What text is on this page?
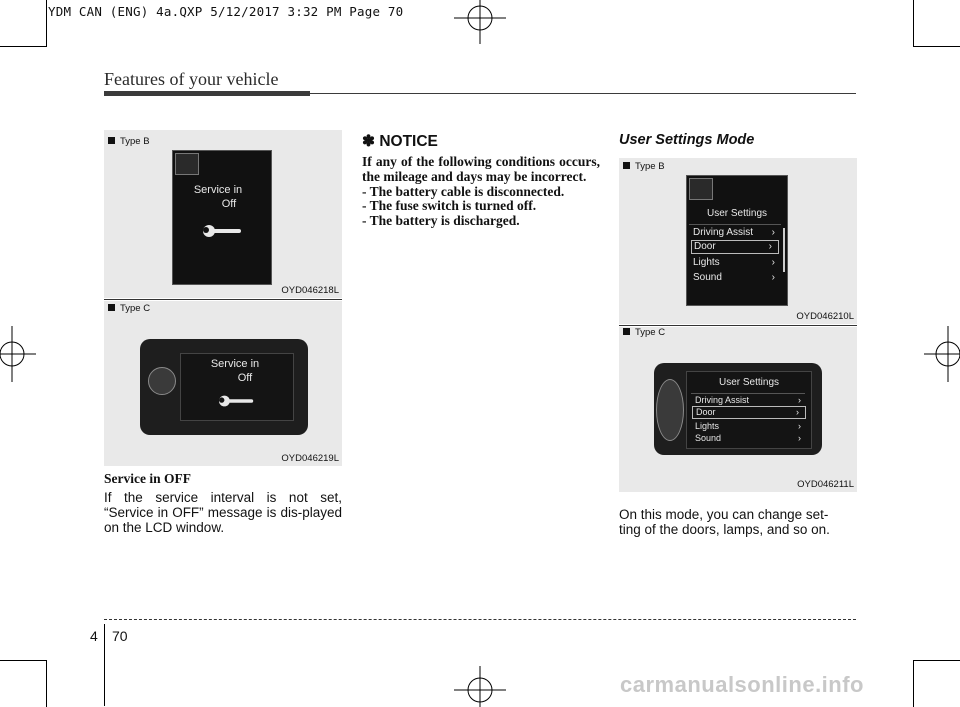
YDM CAN (ENG) 4a.QXP 5/12/2017 3:32 PM Page 70
Features of your vehicle
Type B
Service in
Off
OYD046218L
Type C
Service in
Off
OYD046219L
Service in OFF
If the service interval is not set, “Service in OFF” message is dis-played on the LCD window.
✽ NOTICE
If any of the following conditions occurs, the mileage and days may be incorrect.
- The battery cable is disconnected.
- The fuse switch is turned off.
- The battery is discharged.
User Settings Mode
Type B
User Settings
Driving Assist ›
Door	›
Lights	›
Sound	›
OYD046210L
Type C
User Settings
Driving Assist	›
Door	›
Lights	›
Sound	›
OYD046211L
On this mode, you can change set-
ting of the doors, lamps, and so on.
4 70
carmanualsonline.info
